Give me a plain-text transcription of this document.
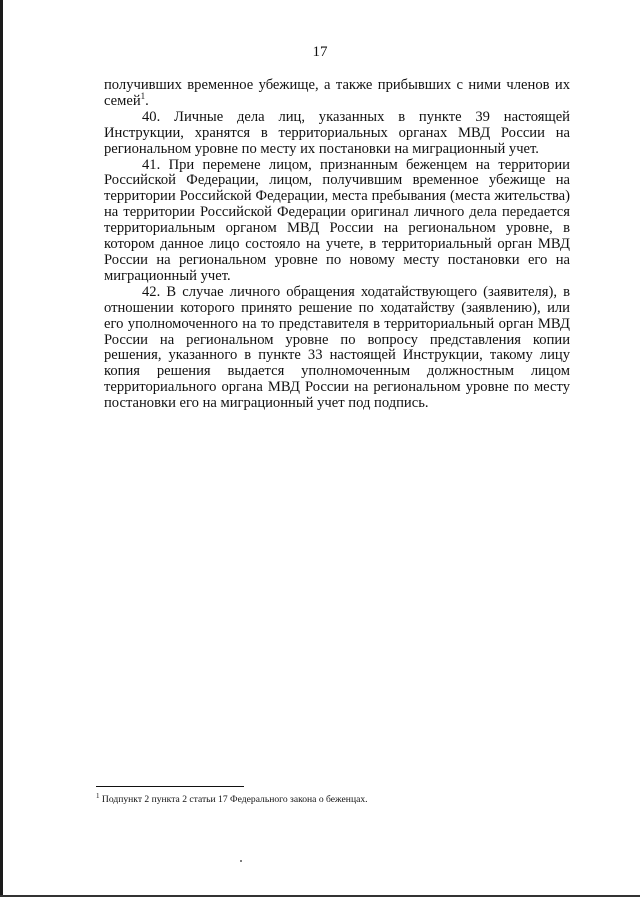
17

получивших временное убежище, а также прибывших с ними членов их семей$^1$.

40. Личные дела лиц, указанных в пункте 39 настоящей Инструкции, хранятся в территориальных органах МВД России на региональном уровне по месту их постановки на миграционный учет.

41. При перемене лицом, признанным беженцем на территории Российской Федерации, лицом, получившим временное убежище на территории Российской Федерации, места пребывания (места жительства) на территории Российской Федерации оригинал личного дела передается территориальным органом МВД России на региональном уровне, в котором данное лицо состояло на учете, в территориальный орган МВД России на региональном уровне по новому месту постановки его на миграционный учет.

42. В случае личного обращения ходатайствующего (заявителя), в отношении которого принято решение по ходатайству (заявлению), или его уполномоченного на то представителя в территориальный орган МВД России на региональном уровне по вопросу представления копии решения, указанного в пункте 33 настоящей Инструкции, такому лицу копия решения выдается уполномоченным должностным лицом территориального органа МВД России на региональном уровне по месту постановки его на миграционный учет под подпись.

$^1$ Подпункт 2 пункта 2 статьи 17 Федерального закона о беженцах.
